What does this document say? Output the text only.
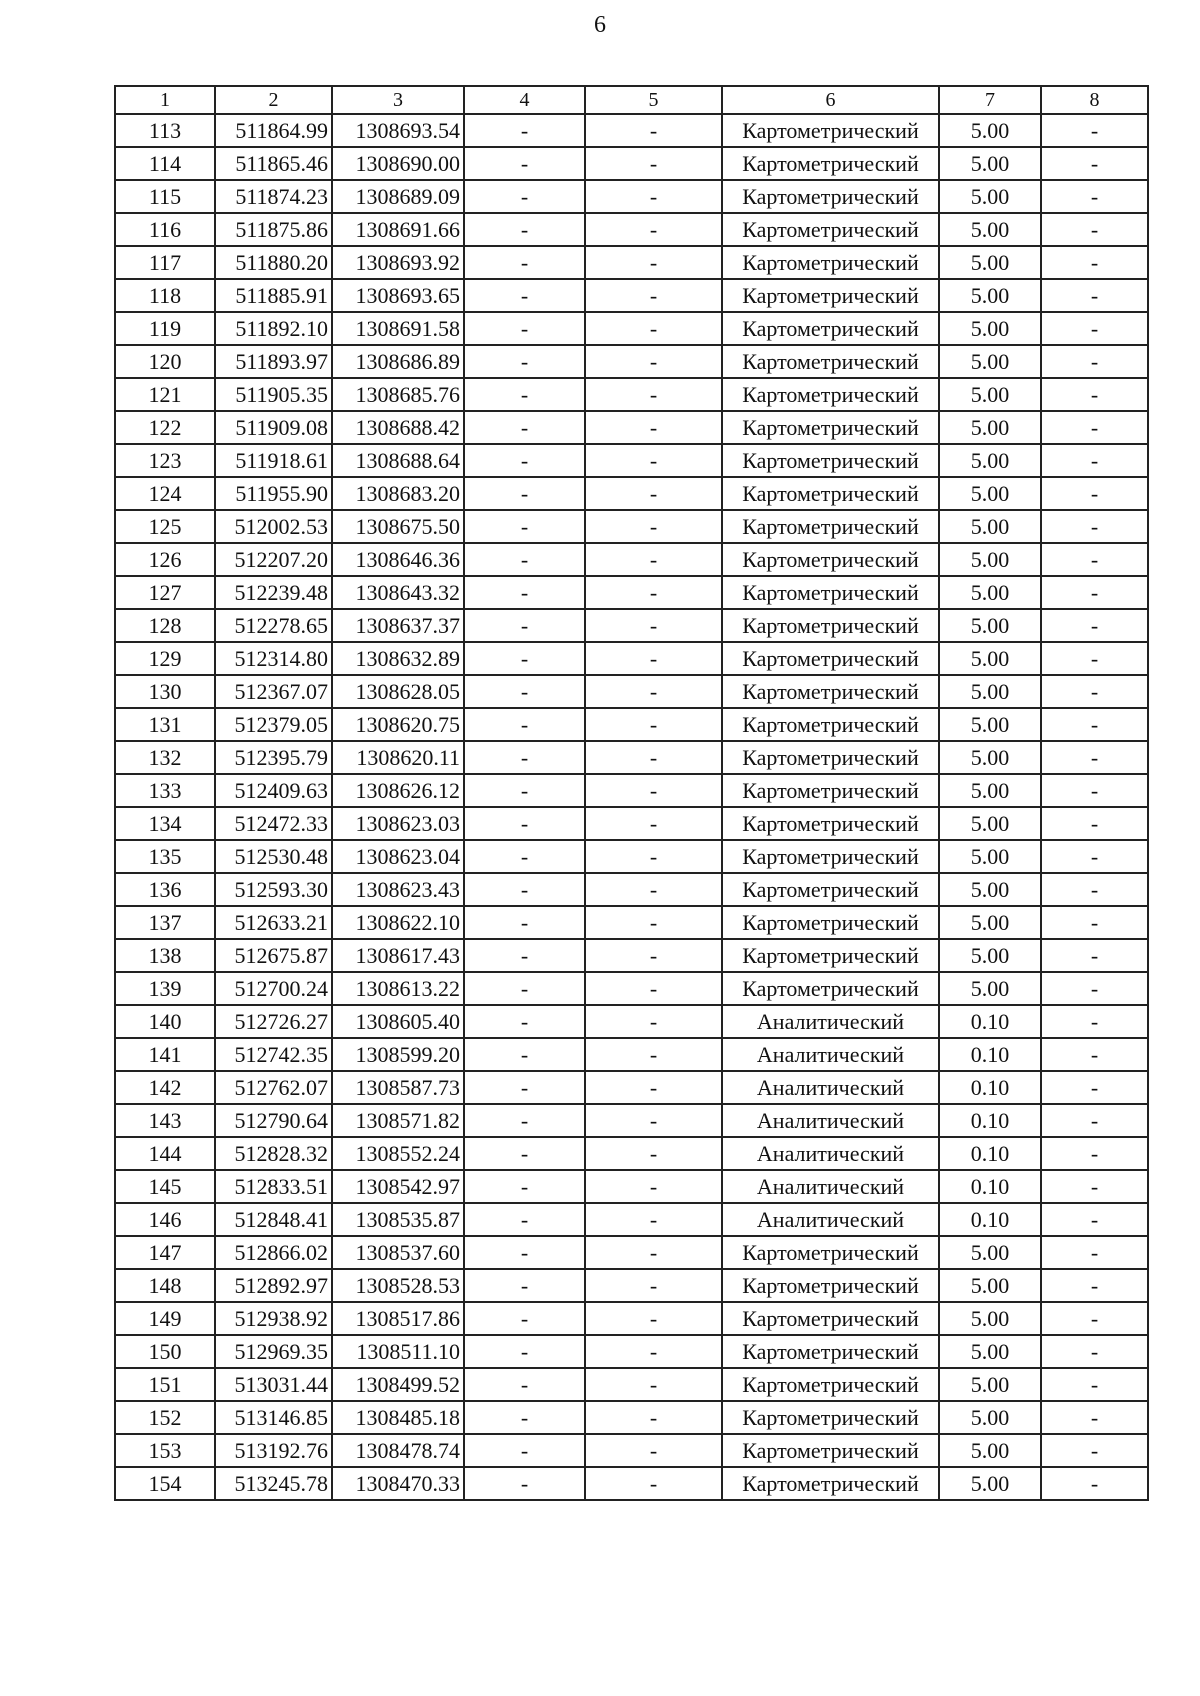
6
1	2	3	4	5	6	7	8
113	511864.99	1308693.54	-	-	Картометрический	5.00	-
114	511865.46	1308690.00	-	-	Картометрический	5.00	-
115	511874.23	1308689.09	-	-	Картометрический	5.00	-
116	511875.86	1308691.66	-	-	Картометрический	5.00	-
117	511880.20	1308693.92	-	-	Картометрический	5.00	-
118	511885.91	1308693.65	-	-	Картометрический	5.00	-
119	511892.10	1308691.58	-	-	Картометрический	5.00	-
120	511893.97	1308686.89	-	-	Картометрический	5.00	-
121	511905.35	1308685.76	-	-	Картометрический	5.00	-
122	511909.08	1308688.42	-	-	Картометрический	5.00	-
123	511918.61	1308688.64	-	-	Картометрический	5.00	-
124	511955.90	1308683.20	-	-	Картометрический	5.00	-
125	512002.53	1308675.50	-	-	Картометрический	5.00	-
126	512207.20	1308646.36	-	-	Картометрический	5.00	-
127	512239.48	1308643.32	-	-	Картометрический	5.00	-
128	512278.65	1308637.37	-	-	Картометрический	5.00	-
129	512314.80	1308632.89	-	-	Картометрический	5.00	-
130	512367.07	1308628.05	-	-	Картометрический	5.00	-
131	512379.05	1308620.75	-	-	Картометрический	5.00	-
132	512395.79	1308620.11	-	-	Картометрический	5.00	-
133	512409.63	1308626.12	-	-	Картометрический	5.00	-
134	512472.33	1308623.03	-	-	Картометрический	5.00	-
135	512530.48	1308623.04	-	-	Картометрический	5.00	-
136	512593.30	1308623.43	-	-	Картометрический	5.00	-
137	512633.21	1308622.10	-	-	Картометрический	5.00	-
138	512675.87	1308617.43	-	-	Картометрический	5.00	-
139	512700.24	1308613.22	-	-	Картометрический	5.00	-
140	512726.27	1308605.40	-	-	Аналитический	0.10	-
141	512742.35	1308599.20	-	-	Аналитический	0.10	-
142	512762.07	1308587.73	-	-	Аналитический	0.10	-
143	512790.64	1308571.82	-	-	Аналитический	0.10	-
144	512828.32	1308552.24	-	-	Аналитический	0.10	-
145	512833.51	1308542.97	-	-	Аналитический	0.10	-
146	512848.41	1308535.87	-	-	Аналитический	0.10	-
147	512866.02	1308537.60	-	-	Картометрический	5.00	-
148	512892.97	1308528.53	-	-	Картометрический	5.00	-
149	512938.92	1308517.86	-	-	Картометрический	5.00	-
150	512969.35	1308511.10	-	-	Картометрический	5.00	-
151	513031.44	1308499.52	-	-	Картометрический	5.00	-
152	513146.85	1308485.18	-	-	Картометрический	5.00	-
153	513192.76	1308478.74	-	-	Картометрический	5.00	-
154	513245.78	1308470.33	-	-	Картометрический	5.00	-
